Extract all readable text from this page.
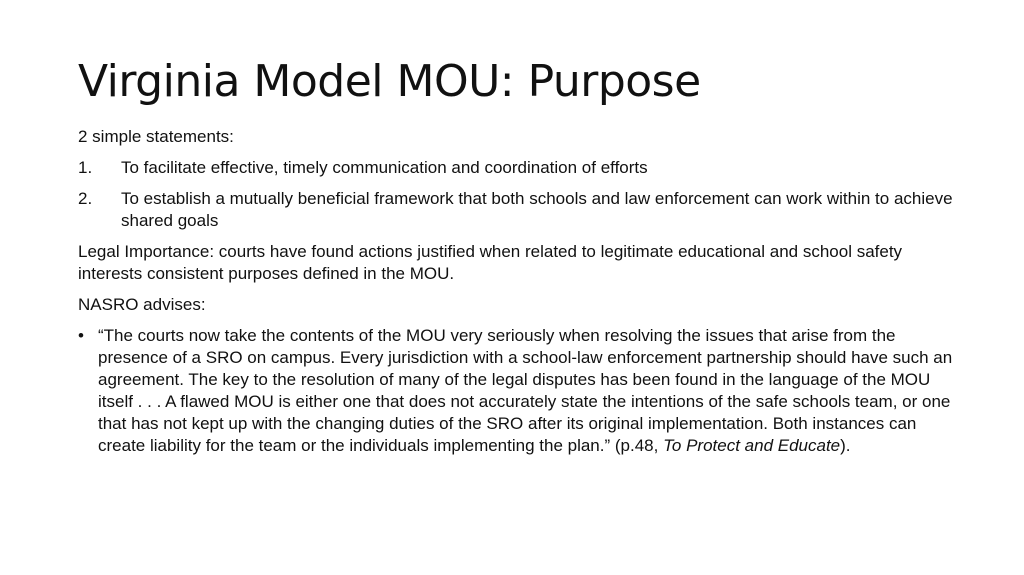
Virginia Model MOU: Purpose

2 simple statements:

1.	To facilitate effective, timely communication and coordination of efforts
2.	To establish a mutually beneficial framework that both schools and law enforcement can work within to achieve shared goals

Legal Importance: courts have found actions justified when related to legitimate educational and school safety interests consistent purposes defined in the MOU.

NASRO advises:

• “The courts now take the contents of the MOU very seriously when resolving the issues that arise from the presence of a SRO on campus. Every jurisdiction with a school-law enforcement partnership should have such an agreement. The key to the resolution of many of the legal disputes has been found in the language of the MOU itself . . . A flawed MOU is either one that does not accurately state the intentions of the safe schools team, or one that has not kept up with the changing duties of the SRO after its original implementation. Both instances can create liability for the team or the individuals implementing the plan.” (p.48, To Protect and Educate).
